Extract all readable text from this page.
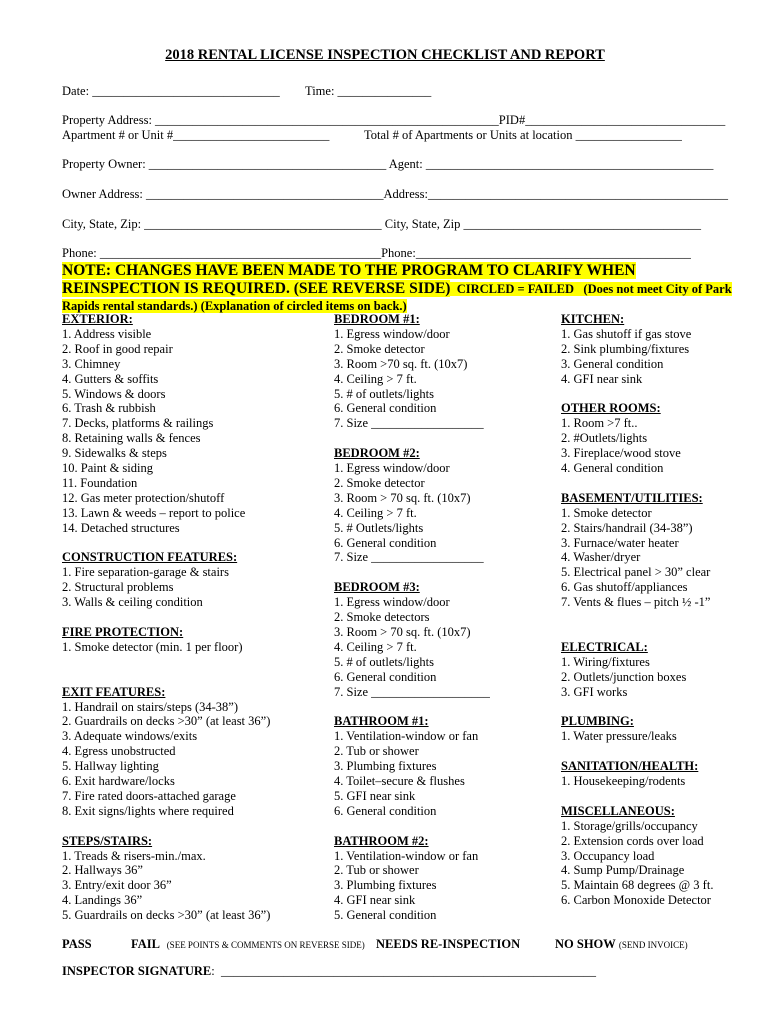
2018 RENTAL LICENSE INSPECTION CHECKLIST AND REPORT
Date: ______________________________ Time: _______________
Property Address: _______________________________________________________PID#________________________________
Apartment # or Unit #_________________________	Total # of Apartments or Units at location _________________
Property Owner: ______________________________________ Agent: ______________________________________________
Owner Address: ______________________________________Address:________________________________________________
City, State, Zip: ______________________________________ City, State, Zip ______________________________________
Phone: _____________________________________________Phone:____________________________________________
NOTE: CHANGES HAVE BEEN MADE TO THE PROGRAM TO CLARIFY WHEN
REINSPECTION IS REQUIRED. (SEE REVERSE SIDE) CIRCLED = FAILED (Does not meet City of Park
Rapids rental standards.) (Explanation of circled items on back.)
EXTERIOR:
1. Address visible
2. Roof in good repair
3. Chimney
4. Gutters & soffits
5. Windows & doors
6. Trash & rubbish
7. Decks, platforms & railings
8. Retaining walls & fences
9. Sidewalks & steps
10. Paint & siding
11. Foundation
12. Gas meter protection/shutoff
13. Lawn & weeds – report to police
14. Detached structures
CONSTRUCTION FEATURES:
1. Fire separation-garage & stairs
2. Structural problems
3. Walls & ceiling condition
FIRE PROTECTION:
1. Smoke detector (min. 1 per floor)
EXIT FEATURES:
1. Handrail on stairs/steps (34-38”)
2. Guardrails on decks >30” (at least 36”)
3. Adequate windows/exits
4. Egress unobstructed
5. Hallway lighting
6. Exit hardware/locks
7. Fire rated doors-attached garage
8. Exit signs/lights where required
STEPS/STAIRS:
1. Treads & risers-min./max.
2. Hallways 36”
3. Entry/exit door 36”
4. Landings 36”
5. Guardrails on decks >30” (at least 36”)
BEDROOM #1:
1. Egress window/door
2. Smoke detector
3. Room >70 sq. ft. (10x7)
4. Ceiling > 7 ft.
5. # of outlets/lights
6. General condition
7. Size __________________
BEDROOM #2:
1. Egress window/door
2. Smoke detector
3. Room > 70 sq. ft. (10x7)
4. Ceiling > 7 ft.
5. # Outlets/lights
6. General condition
7. Size __________________
BEDROOM #3:
1. Egress window/door
2. Smoke detectors
3. Room > 70 sq. ft. (10x7)
4. Ceiling > 7 ft.
5. # of outlets/lights
6. General condition
7. Size ___________________
BATHROOM #1:
1. Ventilation-window or fan
2. Tub or shower
3. Plumbing fixtures
4. Toilet–secure & flushes
5. GFI near sink
6. General condition
BATHROOM #2:
1. Ventilation-window or fan
2. Tub or shower
3. Plumbing fixtures
4. GFI near sink
5. General condition
KITCHEN:
1. Gas shutoff if gas stove
2. Sink plumbing/fixtures
3. General condition
4. GFI near sink
OTHER ROOMS:
1. Room >7 ft..
2. #Outlets/lights
3. Fireplace/wood stove
4. General condition
BASEMENT/UTILITIES:
1. Smoke detector
2. Stairs/handrail (34-38”)
3. Furnace/water heater
4. Washer/dryer
5. Electrical panel > 30” clear
6. Gas shutoff/appliances
7. Vents & flues – pitch ½ -1”
ELECTRICAL:
1. Wiring/fixtures
2. Outlets/junction boxes
3. GFI works
PLUMBING:
1. Water pressure/leaks
SANITATION/HEALTH:
1. Housekeeping/rodents
MISCELLANEOUS:
1. Storage/grills/occupancy
2. Extension cords over load
3. Occupancy load
4. Sump Pump/Drainage
5. Maintain 68 degrees @ 3 ft.
6. Carbon Monoxide Detector
PASS	FAIL (SEE POINTS & COMMENTS ON REVERSE SIDE) NEEDS RE-INSPECTION	NO SHOW (SEND INVOICE)
INSPECTOR SIGNATURE:  ____________________________________________________________
